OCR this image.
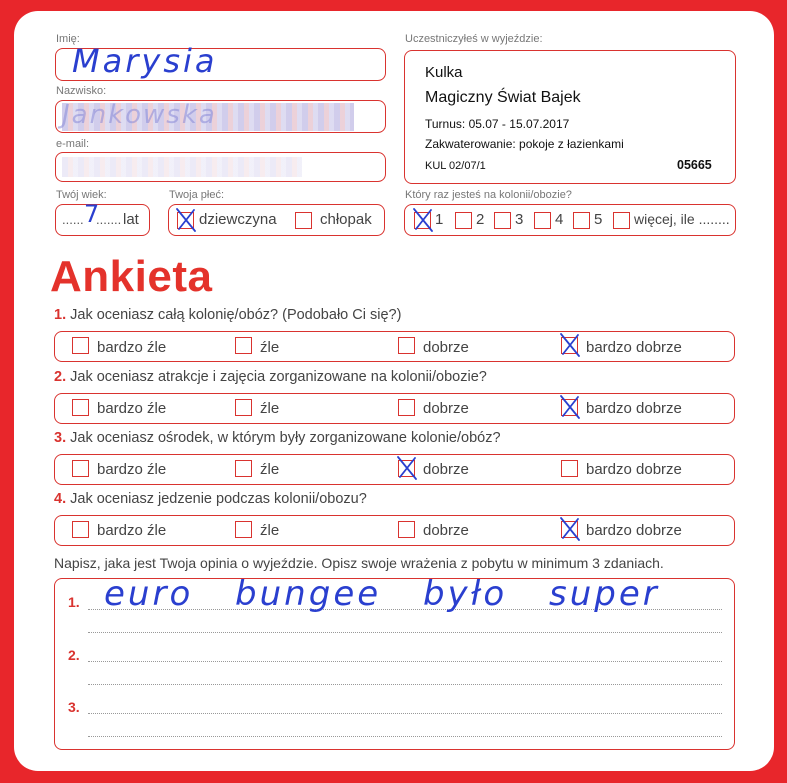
Imię:
Marysia
Nazwisko:
Jankowska
e-mail:
Twój wiek:
...... 7
....... lat
Twoja płeć:
dziewczyna	chłopak
Uczestniczyłeś w wyjeździe:
Kulka
Magiczny Świat Bajek
Turnus: 05.07 - 15.07.2017
Zakwaterowanie: pokoje z łazienkami
KUL 02/07/1	05665
Który raz jesteś na kolonii/obozie?
1 2 3 4 5 więcej, ile ........
Ankieta
1. Jak oceniasz całą kolonię/obóz? (Podobało Ci się?)
bardzo źle	źle	dobrze	bardzo dobrze
2. Jak oceniasz atrakcje i zajęcia zorganizowane na kolonii/obozie?
bardzo źle	źle	dobrze	bardzo dobrze
3. Jak oceniasz ośrodek, w którym były zorganizowane kolonie/obóz?
bardzo źle	źle	dobrze	bardzo dobrze
4. Jak oceniasz jedzenie podczas kolonii/obozu?
bardzo źle	źle	dobrze	bardzo dobrze
Napisz, jaka jest Twoja opinia o wyjeździe. Opisz swoje wrażenia z pobytu w minimum 3 zdaniach.
1.
2.
3.
euro bungee było super
